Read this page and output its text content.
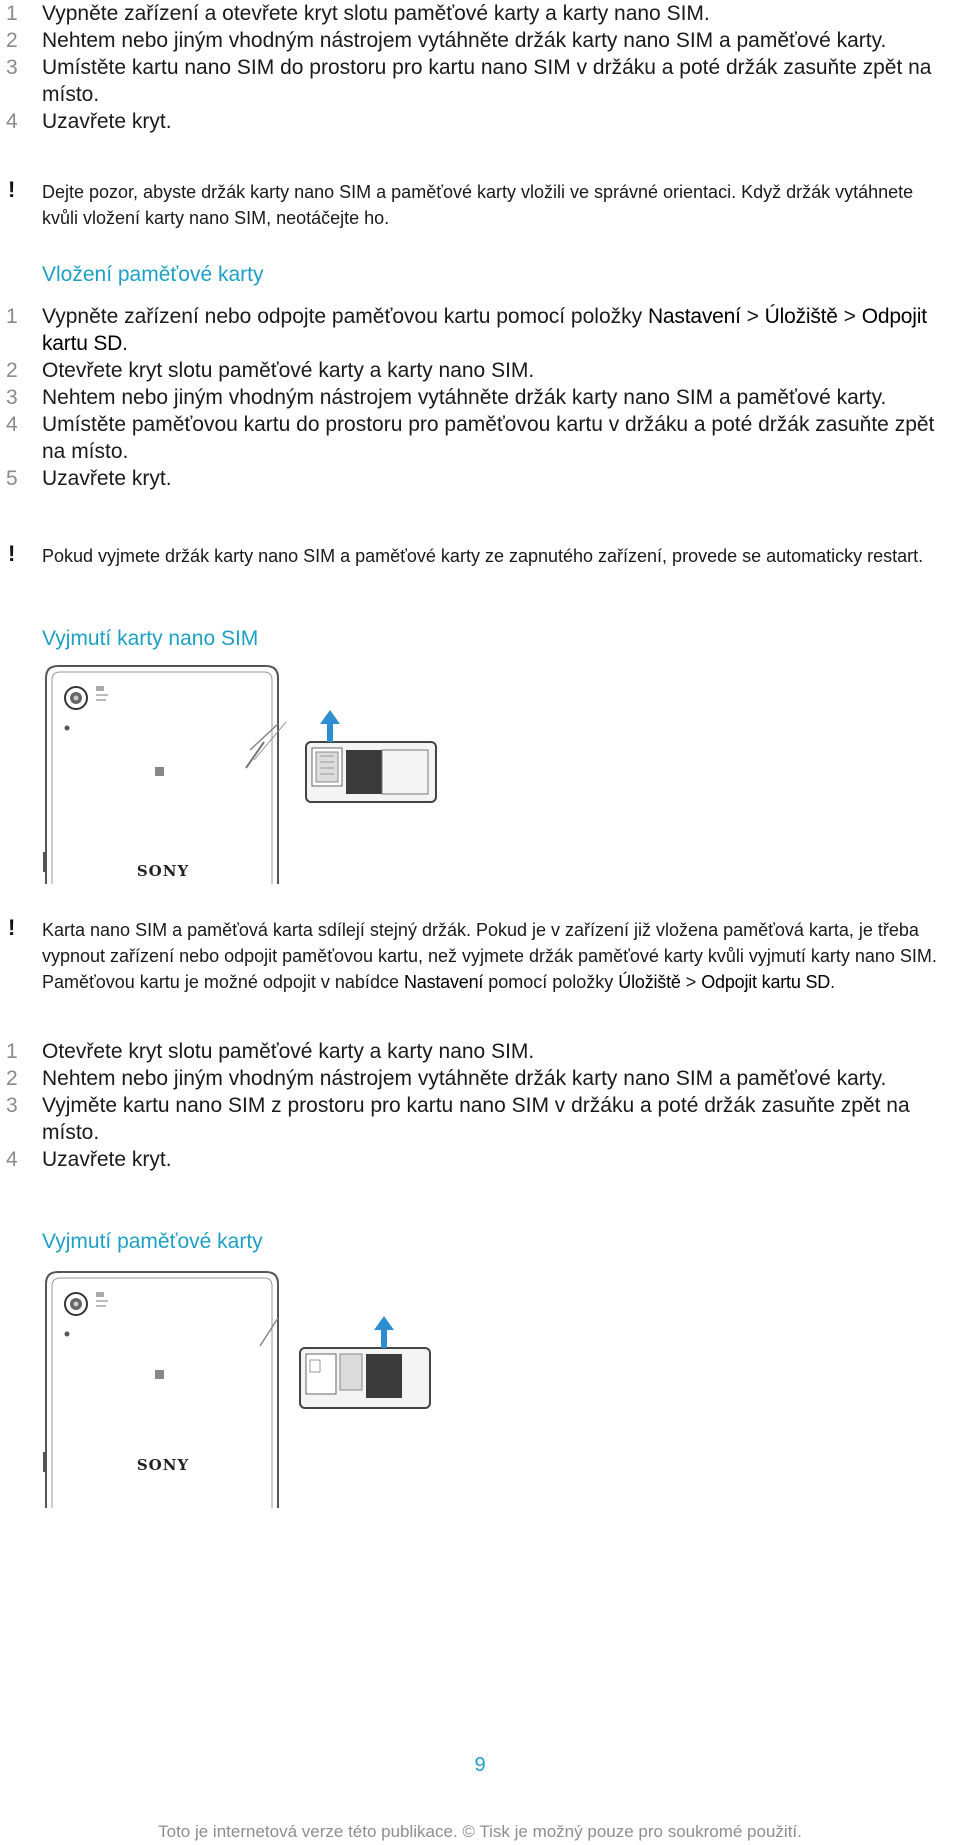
1 Vypněte zařízení a otevřete kryt slotu paměťové karty a karty nano SIM.
2 Nehtem nebo jiným vhodným nástrojem vytáhněte držák karty nano SIM a paměťové karty.
3 Umístěte kartu nano SIM do prostoru pro kartu nano SIM v držáku a poté držák zasuňte zpět na místo.
4 Uzavřete kryt.
! Dejte pozor, abyste držák karty nano SIM a paměťové karty vložili ve správné orientaci. Když držák vytáhnete kvůli vložení karty nano SIM, neotáčejte ho.
Vložení paměťové karty
1 Vypněte zařízení nebo odpojte paměťovou kartu pomocí položky Nastavení > Úložiště > Odpojit kartu SD.
2 Otevřete kryt slotu paměťové karty a karty nano SIM.
3 Nehtem nebo jiným vhodným nástrojem vytáhněte držák karty nano SIM a paměťové karty.
4 Umístěte paměťovou kartu do prostoru pro paměťovou kartu v držáku a poté držák zasuňte zpět na místo.
5 Uzavřete kryt.
! Pokud vyjmete držák karty nano SIM a paměťové karty ze zapnutého zařízení, provede se automaticky restart.
Vyjmutí karty nano SIM
SONY
! Karta nano SIM a paměťová karta sdílejí stejný držák. Pokud je v zařízení již vložena paměťová karta, je třeba vypnout zařízení nebo odpojit paměťovou kartu, než vyjmete držák paměťové karty kvůli vyjmutí karty nano SIM. Paměťovou kartu je možné odpojit v nabídce Nastavení pomocí položky Úložiště > Odpojit kartu SD.
1 Otevřete kryt slotu paměťové karty a karty nano SIM.
2 Nehtem nebo jiným vhodným nástrojem vytáhněte držák karty nano SIM a paměťové karty.
3 Vyjměte kartu nano SIM z prostoru pro kartu nano SIM v držáku a poté držák zasuňte zpět na místo.
4 Uzavřete kryt.
Vyjmutí paměťové karty
SONY
9
Toto je internetová verze této publikace. © Tisk je možný pouze pro soukromé použití.
